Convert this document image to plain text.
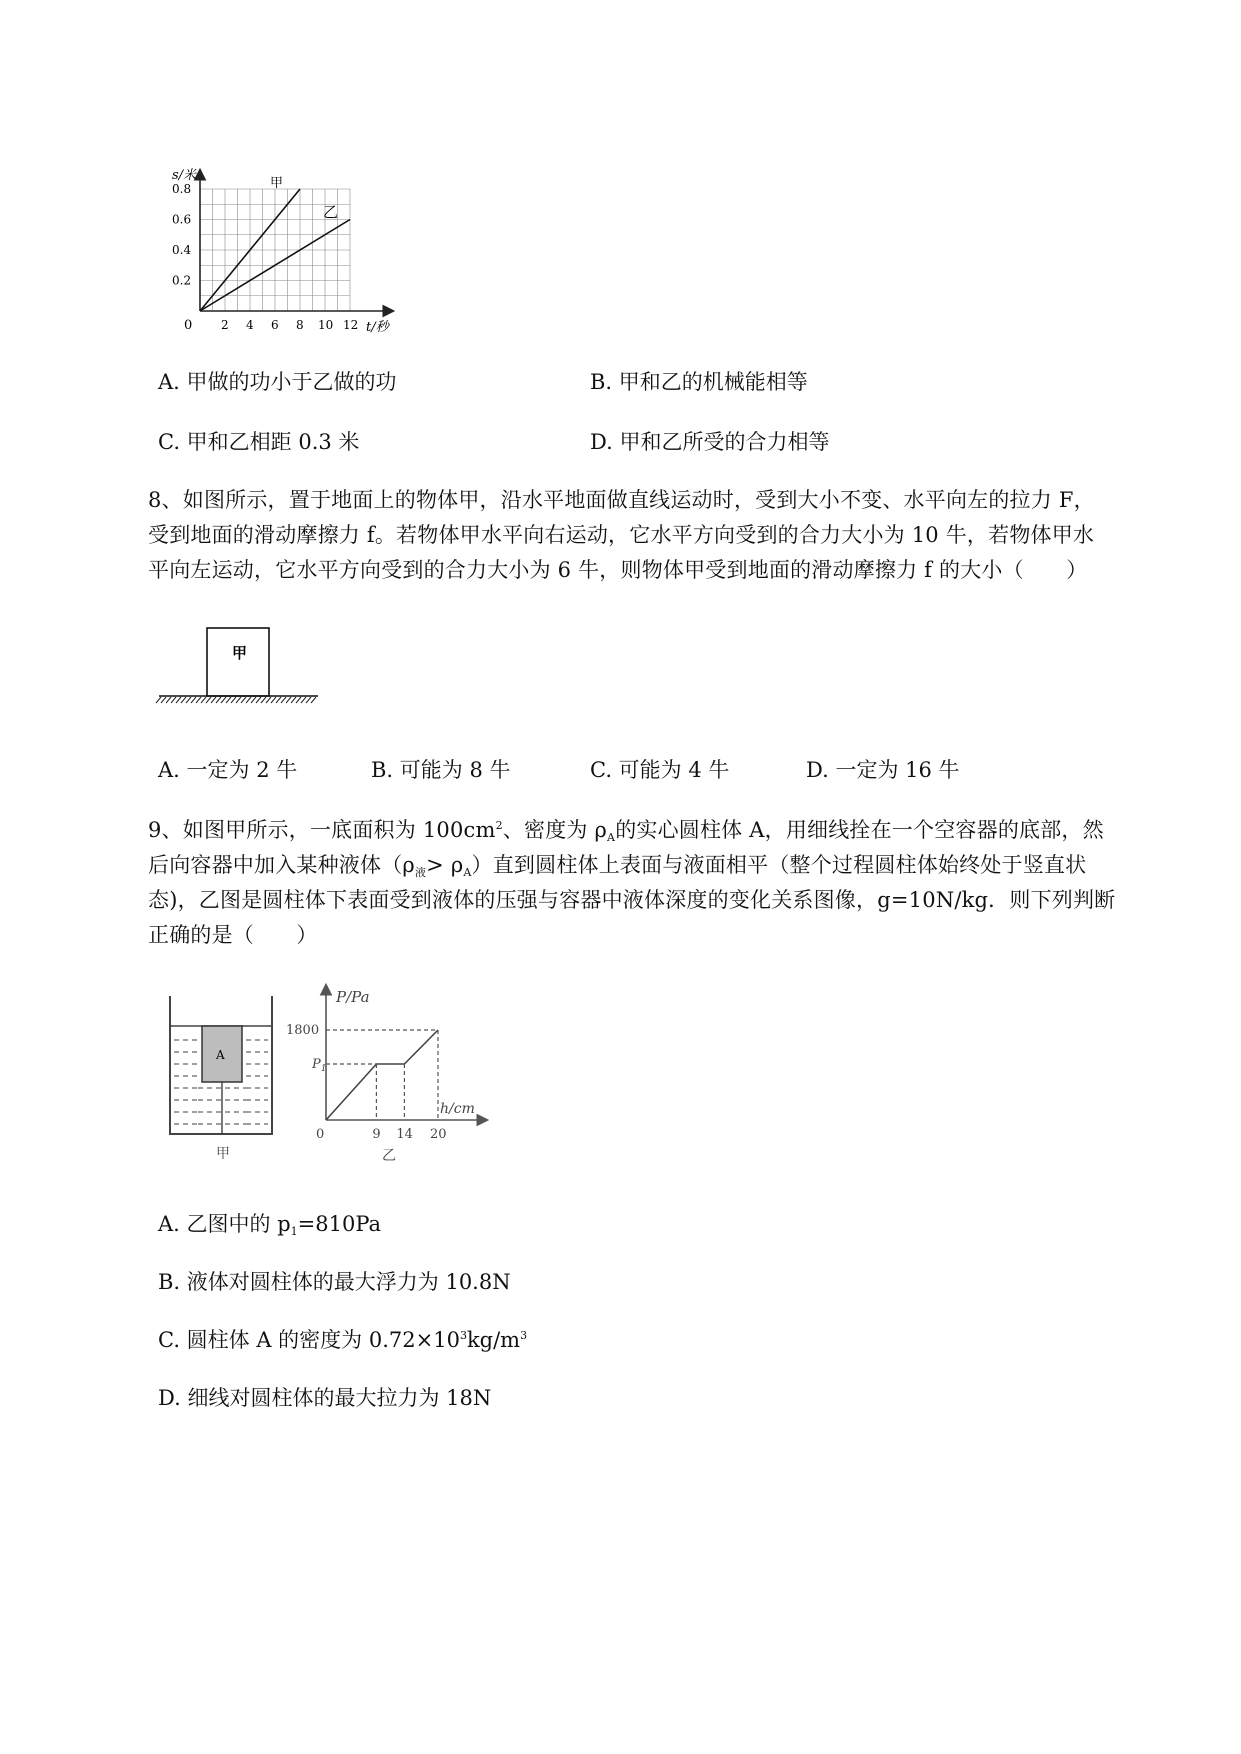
0.8
0.6
0.4
0.2
2 4 6 8 10 12
s/米
t/秒
0
甲
乙
A. 甲做的功小于乙做的功	B. 甲和乙的机械能相等
C. 甲和乙相距 0.3 米	D. 甲和乙所受的合力相等
8、如图所示，置于地面上的物体甲，沿水平地面做直线运动时，受到大小不变、水平向左的拉力 F，
受到地面的滑动摩擦力 f。若物体甲水平向右运动，它水平方向受到的合力大小为 10 牛，若物体甲水
平向左运动，它水平方向受到的合力大小为 6 牛，则物体甲受到地面的滑动摩擦力 f 的大小（　　）
甲
A. 一定为 2 牛	B. 可能为 8 牛	C. 可能为 4 牛	D. 一定为 16 牛
9、如图甲所示，一底面积为 $100cm^2$、密度为 ρA的实心圆柱体 A，用细线拴在一个空容器的底部，然
后向容器中加入某种液体（ρ液> ρA）直到圆柱体上表面与液面相平（整个过程圆柱体始终处于竖直状
态)，乙图是圆柱体下表面受到液体的压强与容器中液体深度的变化关系图像，g=10N/kg．则下列判断
正确的是（　　）
A
甲
P/Pa
h/cm
1800
$P_1$
0	9 14 20
乙
A. 乙图中的 p1=810Pa
B. 液体对圆柱体的最大浮力为 10.8N
C. 圆柱体 A 的密度为 $0.72\times 10^3kg/m^3$
D. 细线对圆柱体的最大拉力为 18N
